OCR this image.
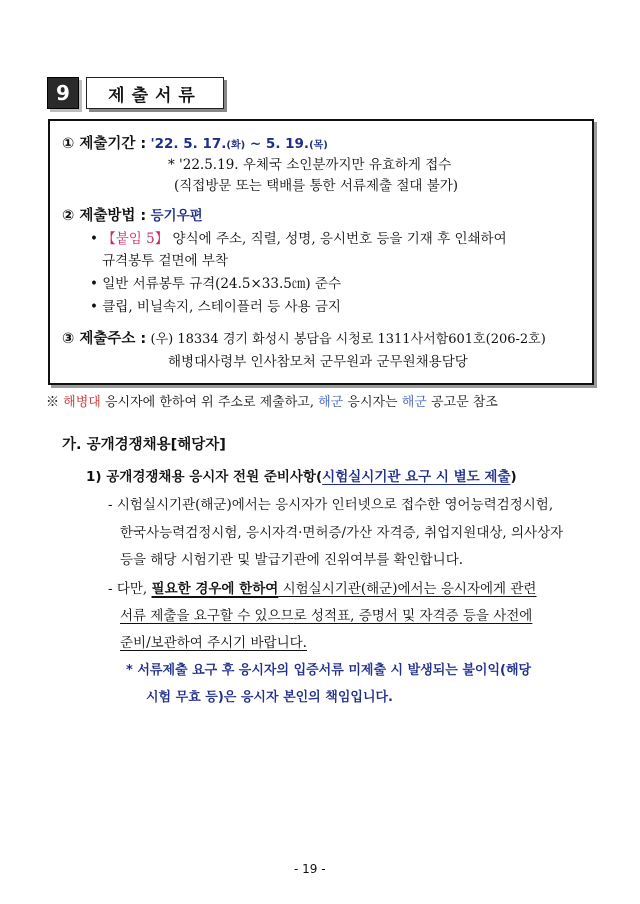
9	제출서류
① 제출기간 : '22. 5. 17.(화) ~ 5. 19.(목)
* '22.5.19. 우체국 소인분까지만 유효하게 접수
(직접방문 또는 택배를 통한 서류제출 절대 불가)
② 제출방법 : 등기우편
• 【붙임 5】 양식에 주소, 직렬, 성명, 응시번호 등을 기재 후 인쇄하여
규격봉투 겉면에 부착
• 일반 서류봉투 규격(24.5×33.5㎝) 준수
• 클립, 비닐속지, 스테이플러 등 사용 금지
③ 제출주소 : (우) 18334 경기 화성시 봉담읍 시청로 1311사서함601호(206-2호)
해병대사령부 인사참모처 군무원과 군무원채용담당
※ 해병대 응시자에 한하여 위 주소로 제출하고, 해군 응시자는 해군 공고문 참조
가. 공개경쟁채용[해당자]
1) 공개경쟁채용 응시자 전원 준비사항(시험실시기관 요구 시 별도 제출)
- 시험실시기관(해군)에서는 응시자가 인터넷으로 접수한 영어능력검정시험,
한국사능력검정시험, 응시자격·면허증/가산 자격증, 취업지원대상, 의사상자
등을 해당 시험기관 및 발급기관에 진위여부를 확인합니다.
- 다만, 필요한 경우에 한하여 시험실시기관(해군)에서는 응시자에게 관련
서류 제출을 요구할 수 있으므로 성적표, 증명서 및 자격증 등을 사전에
준비/보관하여 주시기 바랍니다.
* 서류제출 요구 후 응시자의 입증서류 미제출 시 발생되는 불이익(해당
시험 무효 등)은 응시자 본인의 책임입니다.
- 19 -
